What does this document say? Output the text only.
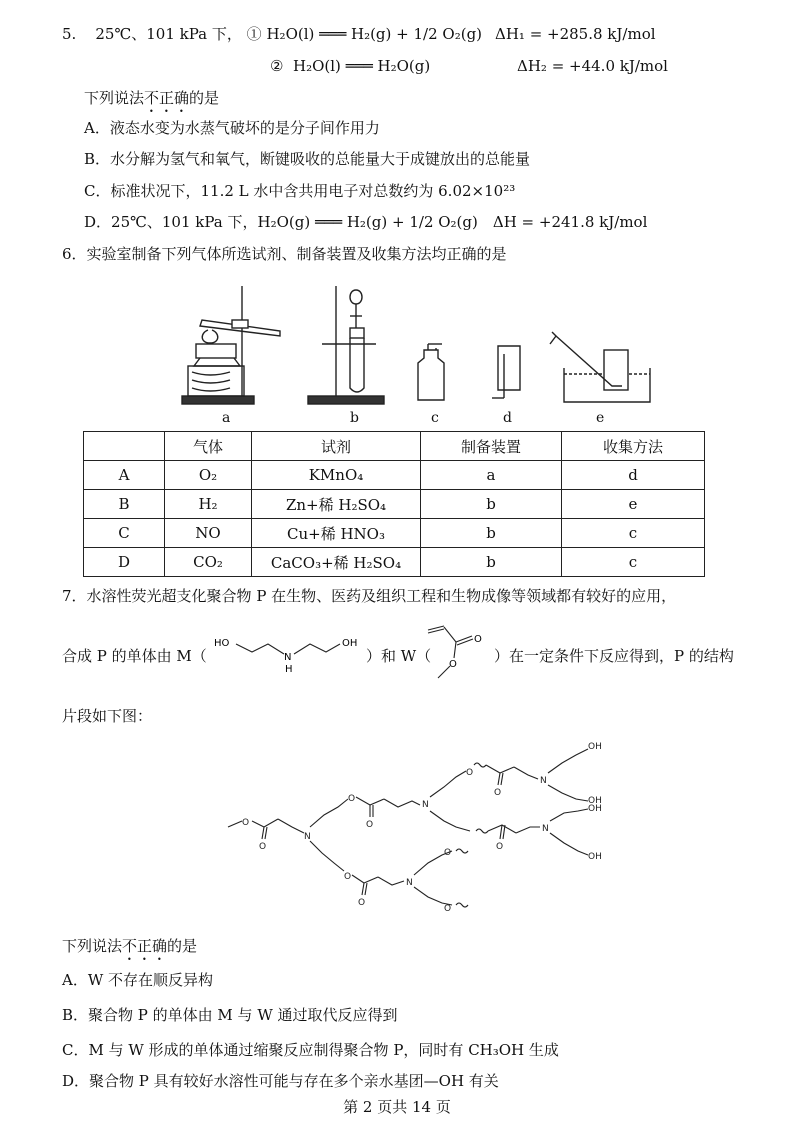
5. 25℃、101 kPa 下， ① H₂O(l) ═══ H₂(g) + 1/2 O₂(g) ΔH₁ = +285.8 kJ/mol
② H₂O(l) ═══ H₂O(g)	ΔH₂ = +44.0 kJ/mol
下列说法不正确的是
A．液态水变为水蒸气破坏的是分子间作用力
B．水分解为氢气和氧气，断键吸收的总能量大于成键放出的总能量
C．标准状况下，11.2 L 水中含共用电子对总数约为 6.02×10²³
D．25℃、101 kPa 下，H₂O(g) ═══ H₂(g) + 1/2 O₂(g)　ΔH = +241.8 kJ/mol
6．实验室制备下列气体所选试剂、制备装置及收集方法均正确的是
a	b	c	d	e
	气体	试剂	制备装置	收集方法
A	O₂	KMnO₄	a	d
B	H₂	Zn+稀 H₂SO₄	b	e
C	NO	Cu+稀 HNO₃	b	c
D	CO₂	CaCO₃+稀 H₂SO₄	b	c
7．水溶性荧光超支化聚合物 P 在生物、医药及组织工程和生物成像等领域都有较好的应用，
合成 P 的单体由 M（
HO
N
H
OH
）和 W（
O
O ）在一定条件下反应得到，P 的结构
片段如下图：
O
O
N
O
O
N
O
O
N
OH
OH
O
N
OH
OH
O
O
N
O
O
下列说法不正确的是
A．W 不存在顺反异构
B．聚合物 P 的单体由 M 与 W 通过取代反应得到
C．M 与 W 形成的单体通过缩聚反应制得聚合物 P，同时有 CH₃OH 生成
D．聚合物 P 具有较好水溶性可能与存在多个亲水基团—OH 有关
第 2 页共 14 页
